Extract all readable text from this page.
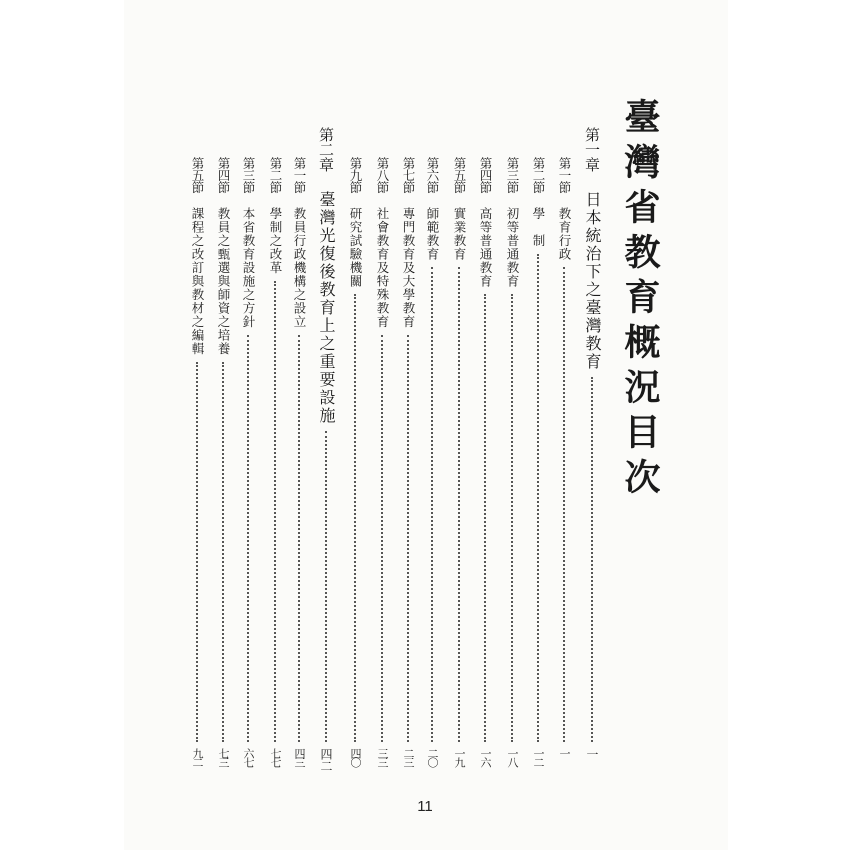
臺灣省教育概況目次
第一章
日本統治下之臺灣教育
一
第一節
教育行政
一
第二節
學　制
一二
第三節
初等普通教育
一八
第四節
高等普通教育
一六
第五節
實業教育
一九
第六節
師範教育
二〇
第七節
專門教育及大學教育
二三
第八節
社會教育及特殊教育
三三
第九節
研究試驗機關
四〇
第二章
臺灣光復後教育上之重要設施
四二
第一節
教員行政機構之設立
四三
第二節
學制之改革
七七
第三節
本省教育設施之方針
六七
第四節
教員之甄選與師資之培養
七三
第五節
課程之改訂與教材之編輯
九二
11
